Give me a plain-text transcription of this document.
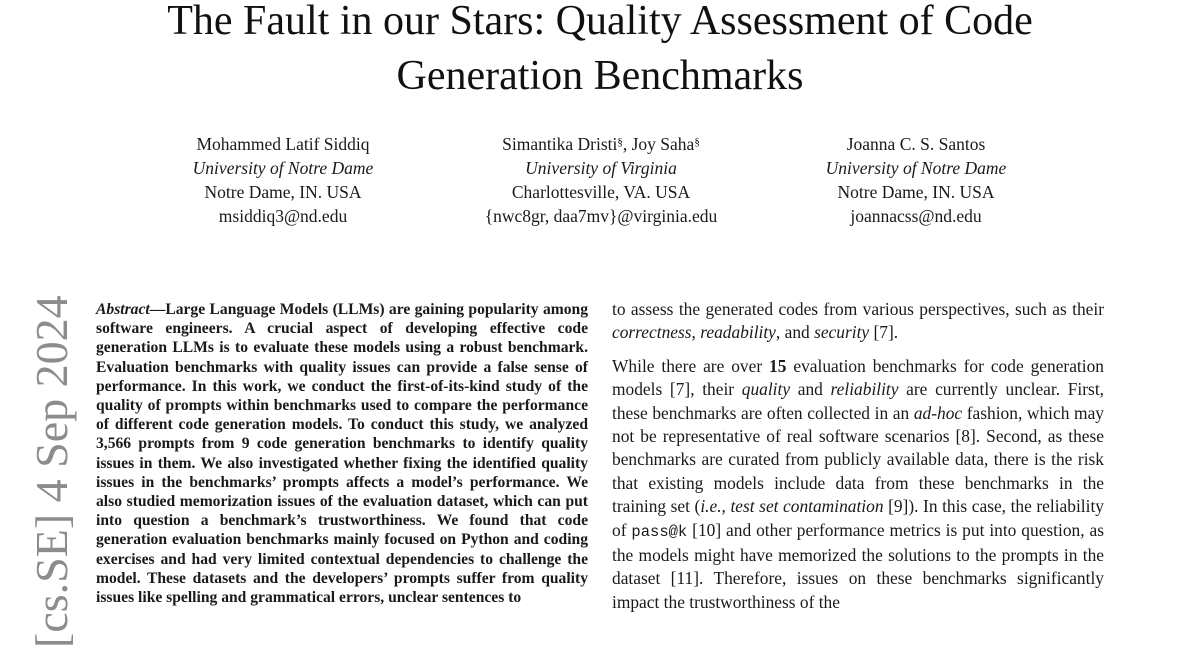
The Fault in our Stars: Quality Assessment of Code
Generation Benchmarks
Mohammed Latif Siddiq
University of Notre Dame
Notre Dame, IN. USA
msiddiq3@nd.edu
Simantika Dristi§, Joy Saha§
University of Virginia
Charlottesville, VA. USA
{nwc8gr, daa7mv}@virginia.edu
Joanna C. S. Santos
University of Notre Dame
Notre Dame, IN. USA
joannacss@nd.edu
[cs.SE] 4 Sep 2024 Abstract—Large Language Models (LLMs) are gaining popularity among software engineers. A crucial aspect of developing effective code generation LLMs is to evaluate these models using a robust benchmark. Evaluation benchmarks with quality issues can provide a false sense of performance. In this work, we conduct the first-of-its-kind study of the quality of prompts within benchmarks used to compare the performance of different code generation models. To conduct this study, we analyzed 3,566 prompts from 9 code generation benchmarks to identify quality issues in them. We also investigated whether fixing the identified quality issues in the benchmarks’ prompts affects a model’s performance. We also studied memorization issues of the evaluation dataset, which can put into question a benchmark’s trustworthiness. We found that code generation evaluation benchmarks mainly focused on Python and coding exercises and had very limited contextual dependencies to challenge the model. These datasets and the developers’ prompts suffer from quality issues like spelling and grammatical errors, unclear sentences to

to assess the generated codes from various perspectives, such as their correctness, readability, and security [7].

While there are over 15 evaluation benchmarks for code generation models [7], their quality and reliability are currently unclear. First, these benchmarks are often collected in an ad-hoc fashion, which may not be representative of real software scenarios [8]. Second, as these benchmarks are curated from publicly available data, there is the risk that existing models include data from these benchmarks in the training set (i.e., test set contamination [9]). In this case, the reliability of pass@k [10] and other performance metrics is put into question, as the models might have memorized the solutions to the prompts in the dataset [11]. Therefore, issues on these benchmarks significantly impact the trustworthiness of the
